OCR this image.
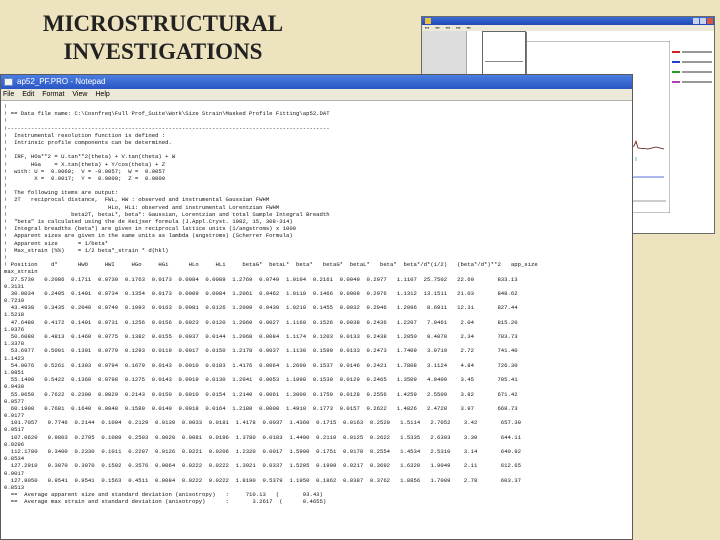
MICROSTRUCTURAL
INVESTIGATIONS
▪▪▪ ▪▪▪ ▪▪▪ ▪▪▪ ▪▪▪
ap52_PF.PRO - Notepad
File Edit Format View Help
!
! == Data file name: C:\Cosnfreq\Full Prof_Suite\Work\Size Strain\Masked Profile Fitting\ap52.DAT
!
!------------------------------------------------------------------------------------------------
!  Instrumental resolution function is defined :
!  Intrinsic profile components can be determined.
!
!  IRF, HOa**2 = U.tan**2(theta) + V.tan(theta) + W
!       HGa    = X.tan(theta) + Y/cos(theta) + Z
!  with: U =  0.0060;  V = -0.0057;  W =  0.0057
!        X =  0.0017;  Y =  0.0000;  Z =  0.0000
!
!  The following items are output:
!  2T   reciprocal distance,  FWL, HW : observed and instrumental Gaussian FWHM
!                              HLo, HLi: observed and instrumental Lorentzian FWHM
!                   beta2T, betaL*, beta*: Gaussian, Lorentzian and total Sample Integral Breadth
!  "beta" is calculated using the de Keijser formula (J.Appl.Cryst. 1982, 15, 308-314)
!  Integral breadths (beta*) are given in reciprocal lattice units (1/angstroms) x 1000
!  Apparent sizes are given in the same units as lambda (angstroms) (Scherrer Formula)
!  Apparent size      = 1/beta*
!  Max_strain (%%)    = 1/2 beta*_strain * d(hkl)
!
! Position    d*      HWO     HWI     HGo     HGi      HLo     HLi     betaG*  betaL*  beta*   betaG*  betaL*   beta*  beta*/d*(1/2)   (beta*/d*)**2   app_size
max_strain
27.5730   0.2086  0.1711  0.0730  0.1763  0.0173  0.0084  0.0089  1.2769  0.0749  1.0194  0.2161  0.0049  0.2977   1.1107  25.7502   22.60       833.13
0.3131
30.0034   0.2405  0.1401  0.0734  0.1354  0.0173  0.0009  0.0084  1.2061  0.0462  1.0110  0.1466  0.0008  0.2976   1.1312  13.1511   21.03       848.62
0.7210
43.4938   0.3435  0.2040  0.0749  0.1993  0.0163  0.0081  0.0126  1.2009  0.0439  1.0210  0.1455  0.0032  0.2946   1.2096   8.6911   12.31       827.44
1.5218
47.6480   0.4172  0.1401  0.0731  0.1256  0.0156  0.0023  0.0120  1.2060  0.0027  1.1160  0.1526  0.0038  0.2436   1.2207   7.0461    2.04       815.20
1.9376
50.6080   0.4813  0.1460  0.0775  0.1382  0.0155  0.0037  0.0144  1.2068  0.0084  1.1174  0.1203  0.0133  0.2438   1.2050   8.4078    2.34       783.73
1.3378
53.6977   0.5001  0.1301  0.0779  0.1293  0.0119  0.0017  0.0150  1.2178  0.0037  1.1130  0.1590  0.0133  0.2473   1.7409   3.9719    2.72       741.40
1.1423
54.0076   0.5261  0.1303  0.0794  0.1679  0.0143  0.0010  0.0183  1.4176  0.0064  1.2600  0.1537  0.0146  0.2421   1.7808   3.1124    4.84       726.30
1.0851
55.1400   0.5422  0.1360  0.0798  0.1275  0.0143  0.0019  0.0130  1.2041  0.0053  1.1990  0.1530  0.0129  0.2465   1.3509   4.9409    3.45       705.41
0.9430
55.0650   0.7622  0.2300  0.0829  0.2143  0.0150  0.0010  0.0154  1.2140  0.0061  1.3000  0.1750  0.0128  0.2556   1.4259   2.5509    3.82       671.42
0.9577
60.1900   0.7681  0.1640  0.0848  0.1580  0.0140  0.0018  0.0164  1.2180  0.0008  1.4910  0.1773  0.0157  0.2622   1.4826   2.4728    3.97       668.73
0.9177
101.7057   0.7746  0.2144  0.1004  0.2129  0.0139  0.0033  0.0181  1.4178  0.0037  1.4360  0.1715  0.0163  0.2520   1.5114   2.7052    3.42       657.30
0.9517
107.0620   0.9803  0.2705  0.1089  0.2503  0.0020  0.0081  0.0196  1.3780  0.0183  1.4400  0.2110  0.0125  0.2622   1.5335   2.6303    3.30       644.11
0.9296
112.1780   0.3400  0.2330  0.1011  0.2207  0.0126  0.0221  0.0206  1.2320  0.0017  1.5900  0.1751  0.0178  0.2554   1.4534   2.5310    3.14       640.92
0.8534
127.2910   0.3070  0.3070  0.1502  0.3576  0.0064  0.0222  0.0222  1.3921  0.0337  1.5205  0.1909  0.0217  0.3692   1.6320   1.9049    2.11       612.65
0.9017
127.8050   0.9541  0.9541  0.1563  0.4511  0.0084  0.0222  0.0222  1.8190  0.5379  1.1950  0.1862  0.0387  0.3762   1.8856   1.7009    2.78       603.37
0.8513
==  Average apparent size and standard deviation (anisotropy)   :     710.13   (       93.43)
==  Average max strain and standard deviation (anisotropy)      :       3.2617  (      0.4655)
